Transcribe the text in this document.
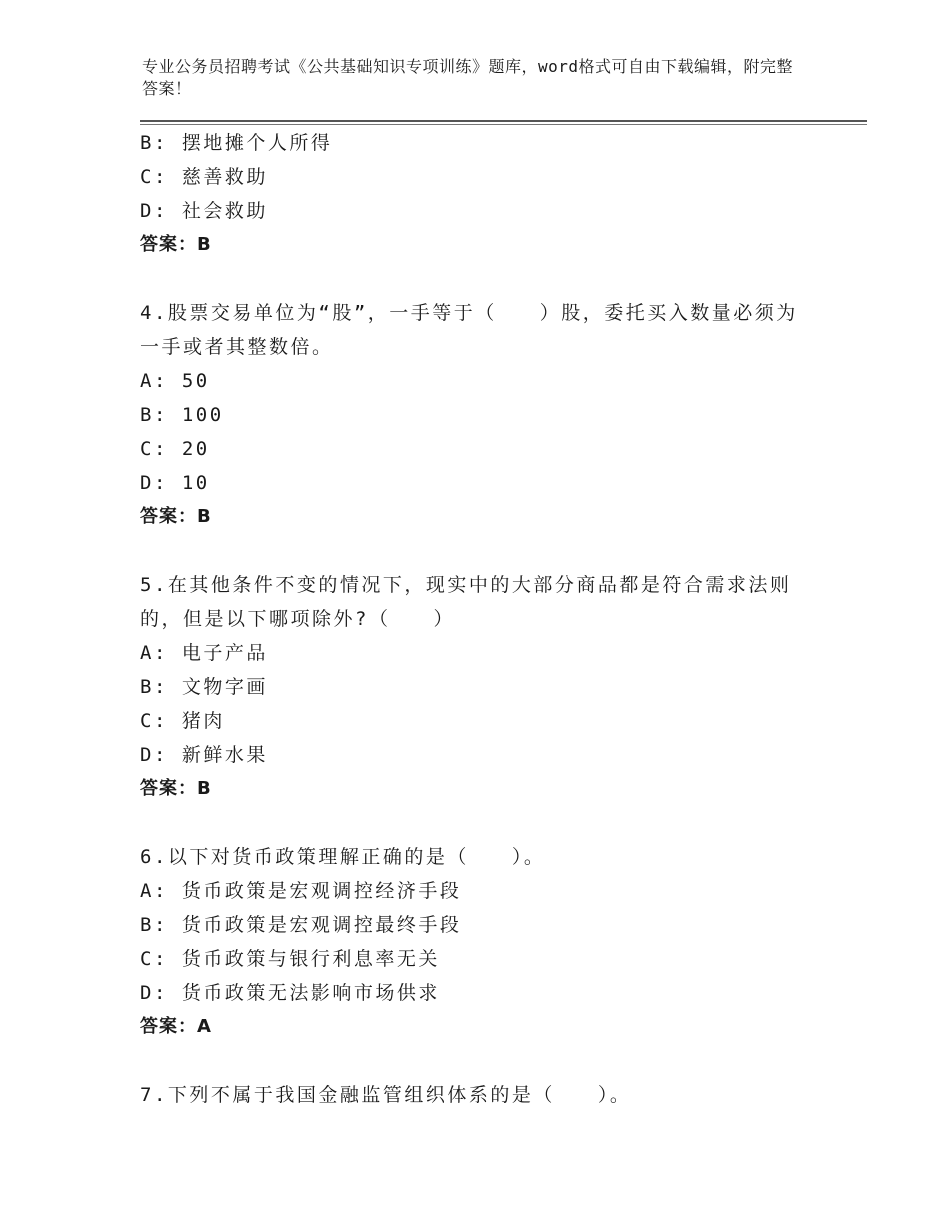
专业公务员招聘考试《公共基础知识专项训练》题库，word格式可自由下载编辑，附完整答案！
B: 摆地摊个人所得
C: 慈善救助
D: 社会救助
答案：B
4.股票交易单位为“股”，一手等于（　　）股，委托买入数量必须为一手或者其整数倍。
A: 50
B: 100
C: 20
D: 10
答案：B
5.在其他条件不变的情况下，现实中的大部分商品都是符合需求法则的，但是以下哪项除外?（　　）
A: 电子产品
B: 文物字画
C: 猪肉
D: 新鲜水果
答案：B
6.以下对货币政策理解正确的是（　　）。
A: 货币政策是宏观调控经济手段
B: 货币政策是宏观调控最终手段
C: 货币政策与银行利息率无关
D: 货币政策无法影响市场供求
答案：A
7.下列不属于我国金融监管组织体系的是（　　）。
